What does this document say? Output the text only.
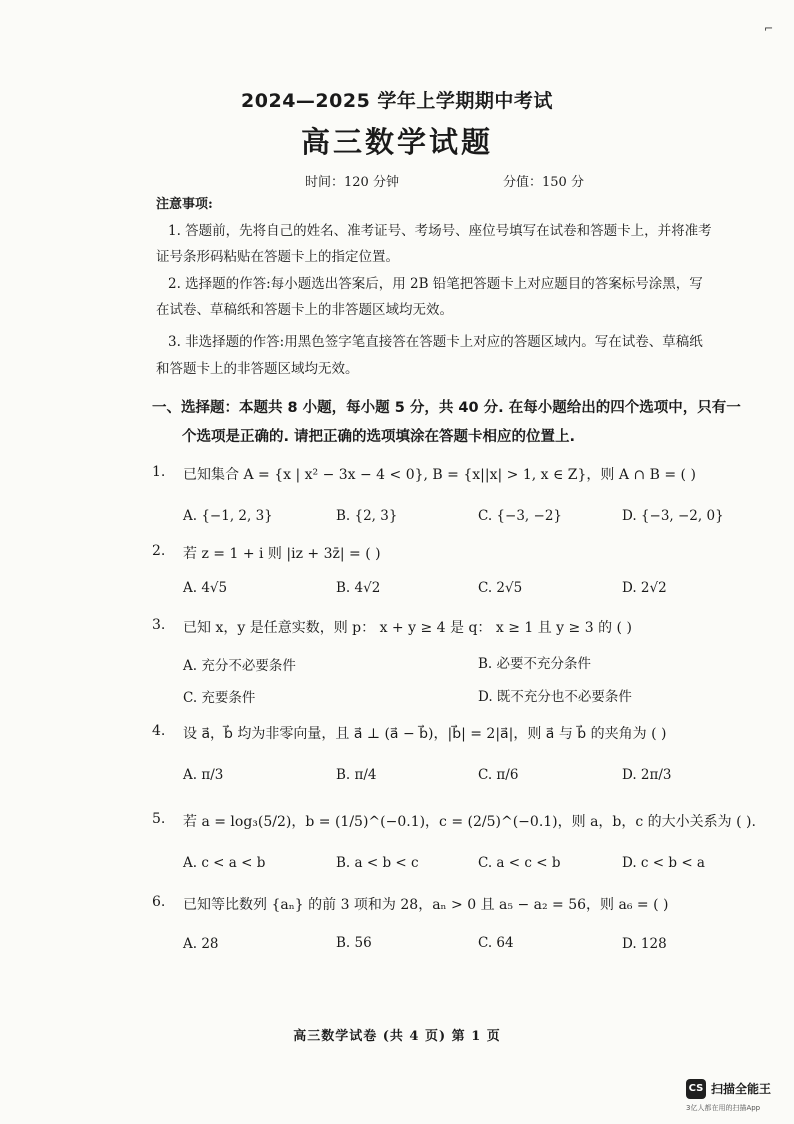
2024—2025 学年上学期期中考试
高三数学试题
时间：120 分钟	分值：150 分
注意事项:
1. 答题前，先将自己的姓名、准考证号、考场号、座位号填写在试卷和答题卡上，并将准考
证号条形码粘贴在答题卡上的指定位置。
2. 选择题的作答:每小题选出答案后，用 2B 铅笔把答题卡上对应题目的答案标号涂黑，写
在试卷、草稿纸和答题卡上的非答题区域均无效。
3. 非选择题的作答:用黑色签字笔直接答在答题卡上对应的答题区域内。写在试卷、草稿纸
和答题卡上的非答题区域均无效。
一、选择题：本题共 8 小题，每小题 5 分，共 40 分. 在每小题给出的四个选项中，只有一
个选项是正确的. 请把正确的选项填涂在答题卡相应的位置上.
1. 已知集合 A = {x | x² − 3x − 4 < 0}, B = {x||x| > 1, x ∈ Z}，则 A ∩ B = ( )
A. {−1, 2, 3}	B. {2, 3}	C. {−3, −2}	D. {−3, −2, 0}
2. 若 z = 1 + i 则 |iz + 3z̄| = ( )
A. 4√5	B. 4√2	C. 2√5	D. 2√2
3. 已知 x，y 是任意实数，则 p： x + y ≥ 4 是 q： x ≥ 1 且 y ≥ 3 的 ( )
A. 充分不必要条件	B. 必要不充分条件
C. 充要条件	D. 既不充分也不必要条件
4. 设 a⃗，b⃗ 均为非零向量，且 a⃗ ⊥ (a⃗ − b⃗)，|b⃗| = 2|a⃗|，则 a⃗ 与 b⃗ 的夹角为 ( )
A. π/3	B. π/4	C. π/6	D. 2π/3
5. 若 a = log₃(5/2)，b = (1/5)^(−0.1)，c = (2/5)^(−0.1)，则 a，b，c 的大小关系为 ( ).
A. c < a < b	B. a < b < c	C. a < c < b	D. c < b < a
6. 已知等比数列 {aₙ} 的前 3 项和为 28，aₙ > 0 且 a₅ − a₂ = 56，则 a₆ = ( )
A. 28	B. 56	C. 64	D. 128
高三数学试卷 (共 4 页) 第 1 页
⌐
CS 扫描全能王
3亿人都在用的扫描App
